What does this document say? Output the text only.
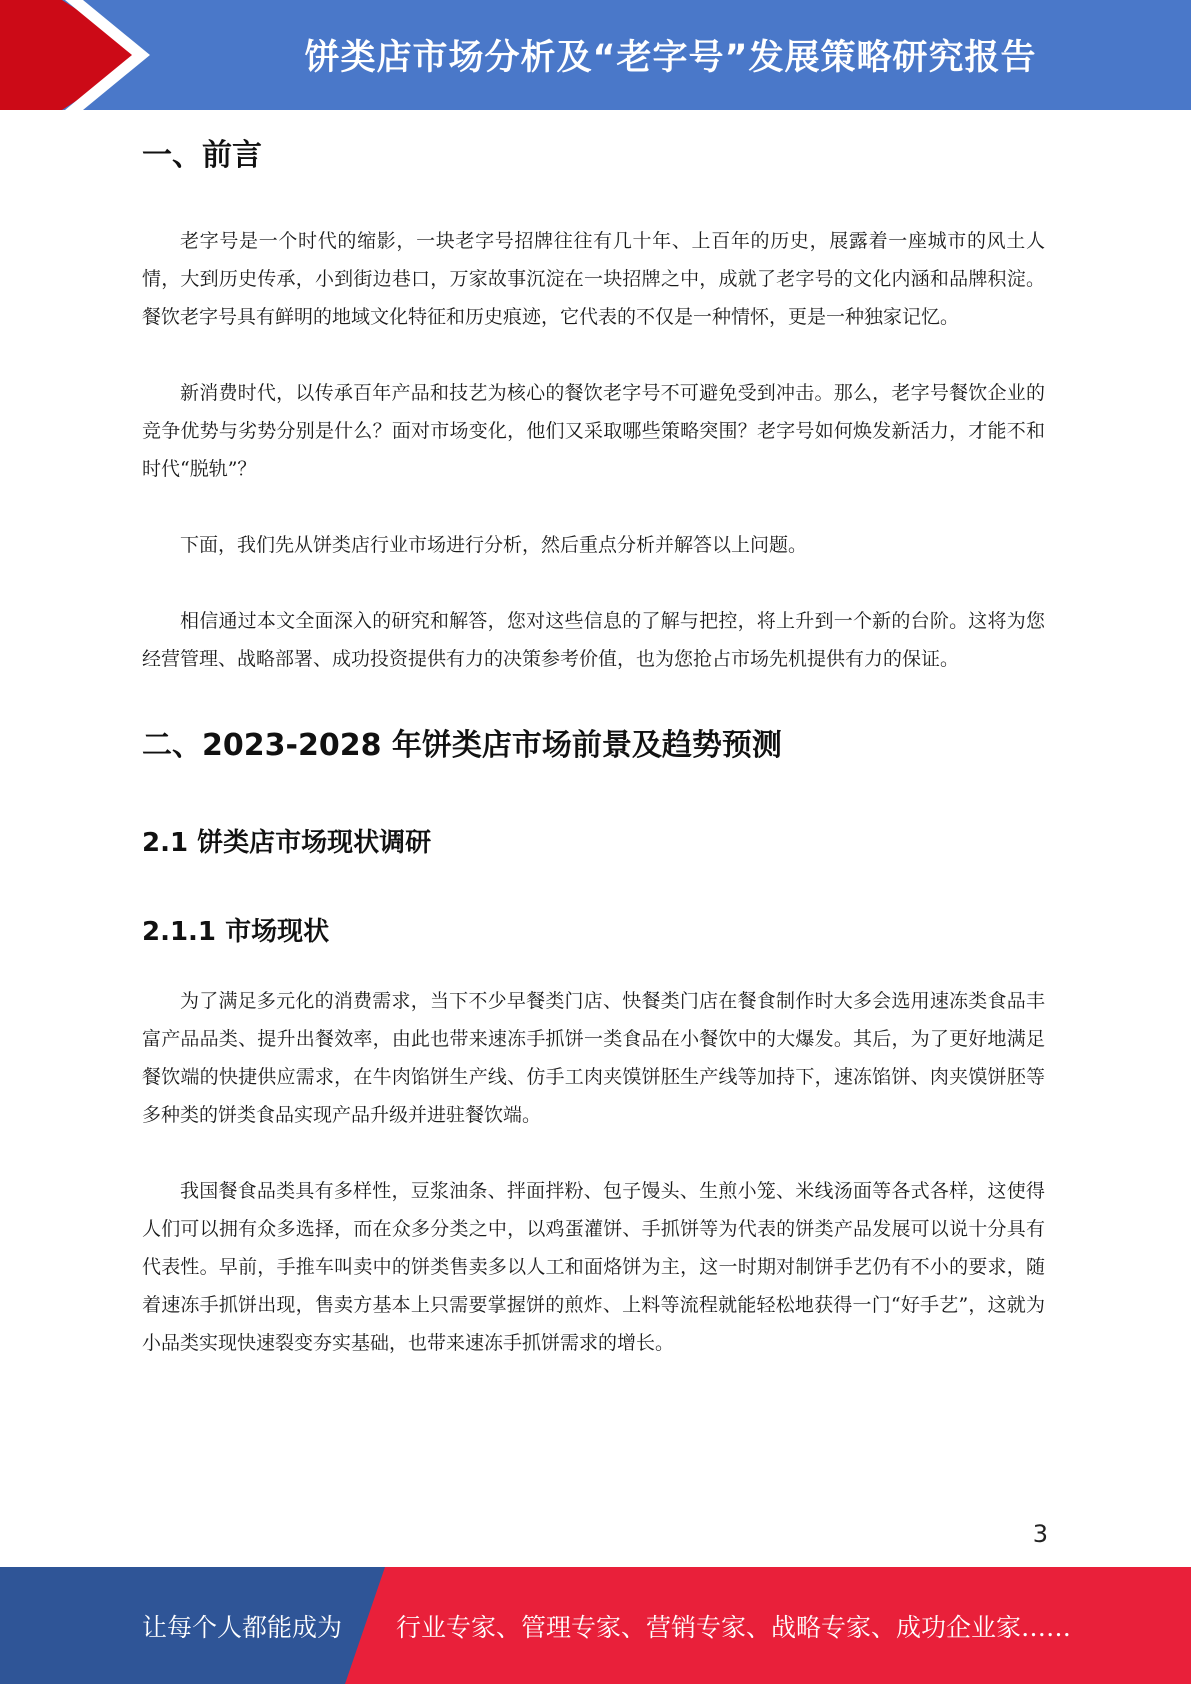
饼类店市场分析及“老字号”发展策略研究报告
一、前言

老字号是一个时代的缩影，一块老字号招牌往往有几十年、上百年的历史，展露着一座城市的风土人情，大到历史传承，小到街边巷口，万家故事沉淀在一块招牌之中，成就了老字号的文化内涵和品牌积淀。餐饮老字号具有鲜明的地域文化特征和历史痕迹，它代表的不仅是一种情怀，更是一种独家记忆。

新消费时代，以传承百年产品和技艺为核心的餐饮老字号不可避免受到冲击。那么，老字号餐饮企业的竞争优势与劣势分别是什么？面对市场变化，他们又采取哪些策略突围？老字号如何焕发新活力，才能不和时代“脱轨”？

下面，我们先从饼类店行业市场进行分析，然后重点分析并解答以上问题。

相信通过本文全面深入的研究和解答，您对这些信息的了解与把控，将上升到一个新的台阶。这将为您经营管理、战略部署、成功投资提供有力的决策参考价值，也为您抢占市场先机提供有力的保证。

二、2023-2028 年饼类店市场前景及趋势预测
2.1 饼类店市场现状调研
2.1.1 市场现状

为了满足多元化的消费需求，当下不少早餐类门店、快餐类门店在餐食制作时大多会选用速冻类食品丰富产品品类、提升出餐效率，由此也带来速冻手抓饼一类食品在小餐饮中的大爆发。其后，为了更好地满足餐饮端的快捷供应需求，在牛肉馅饼生产线、仿手工肉夹馍饼胚生产线等加持下，速冻馅饼、肉夹馍饼胚等多种类的饼类食品实现产品升级并进驻餐饮端。

我国餐食品类具有多样性，豆浆油条、拌面拌粉、包子馒头、生煎小笼、米线汤面等各式各样，这使得人们可以拥有众多选择，而在众多分类之中，以鸡蛋灌饼、手抓饼等为代表的饼类产品发展可以说十分具有代表性。早前，手推车叫卖中的饼类售卖多以人工和面烙饼为主，这一时期对制饼手艺仍有不小的要求，随着速冻手抓饼出现，售卖方基本上只需要掌握饼的煎炸、上料等流程就能轻松地获得一门“好手艺”，这就为小品类实现快速裂变夯实基础，也带来速冻手抓饼需求的增长。

3
让每个人都能成为 行业专家、管理专家、营销专家、战略专家、成功企业家……
